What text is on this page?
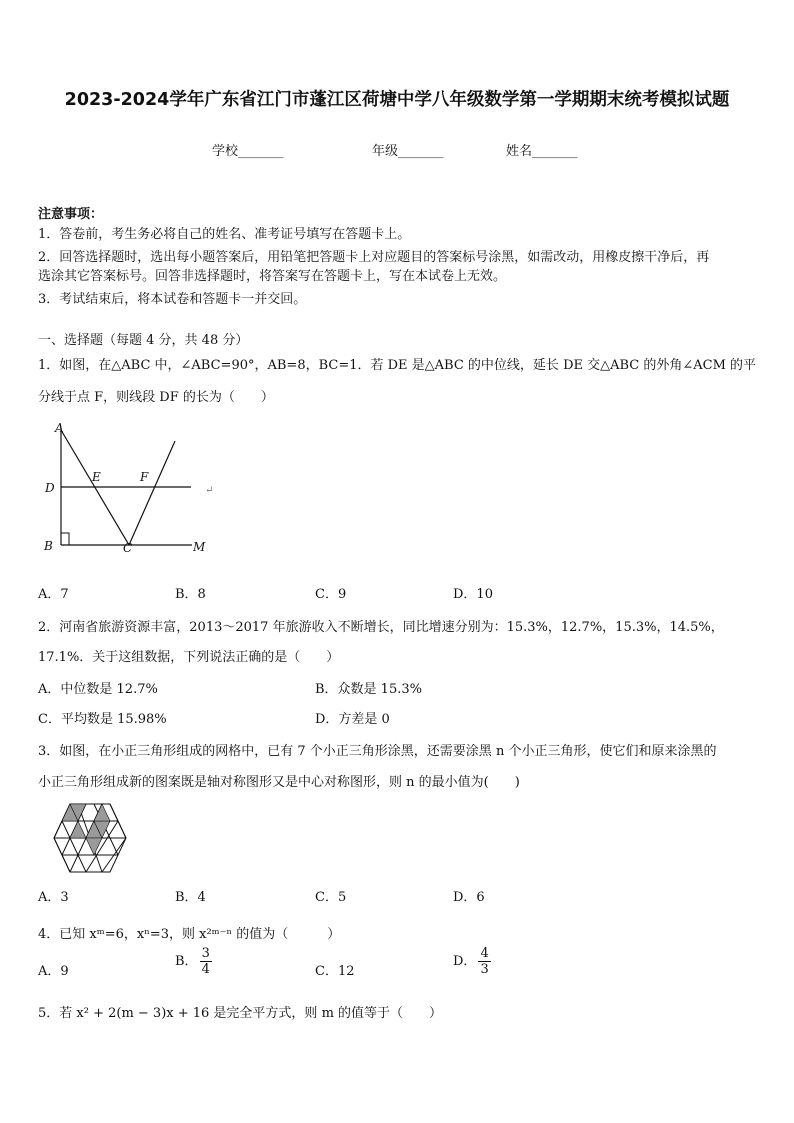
2023-2024学年广东省江门市蓬江区荷塘中学八年级数学第一学期期末统考模拟试题
学校_______	年级_______	姓名_______
注意事项：
1．答卷前，考生务必将自己的姓名、准考证号填写在答题卡上。
2．回答选择题时，选出每小题答案后，用铅笔把答题卡上对应题目的答案标号涂黑，如需改动，用橡皮擦干净后，再
选涂其它答案标号。回答非选择题时，将答案写在答题卡上，写在本试卷上无效。
3．考试结束后，将本试卷和答题卡一并交回。
一、选择题（每题 4 分，共 48 分）
1．如图，在△ABC 中，∠ABC=90°，AB=8，BC=1．若 DE 是△ABC 的中位线，延长 DE 交△ABC 的外角∠ACM 的平
分线于点 F，则线段 DF 的长为（　　）
A
B	C
D
E	F
M
↵
A．7	B．8	C．9	D．10
2．河南省旅游资源丰富，2013～2017 年旅游收入不断增长，同比增速分别为：15.3%，12.7%，15.3%，14.5%，
17.1%．关于这组数据，下列说法正确的是（　　）
A．中位数是 12.7%	B．众数是 15.3%
C．平均数是 15.98%	D．方差是 0
3．如图，在小正三角形组成的网格中，已有 7 个小正三角形涂黑，还需要涂黑 n 个小正三角形，使它们和原来涂黑的
小正三角形组成新的图案既是轴对称图形又是中心对称图形，则 n 的最小值为(　　)
A．3	B．4	C．5	D．6
4．已知 xᵐ=6，xⁿ=3，则 x²ᵐ⁻ⁿ 的值为（　　　）
A．9
B． $\frac{3}{4}$	C．12
D． $\frac{4}{3}$
5．若 x² + 2(m − 3)x + 16 是完全平方式，则 m 的值等于（　　）
